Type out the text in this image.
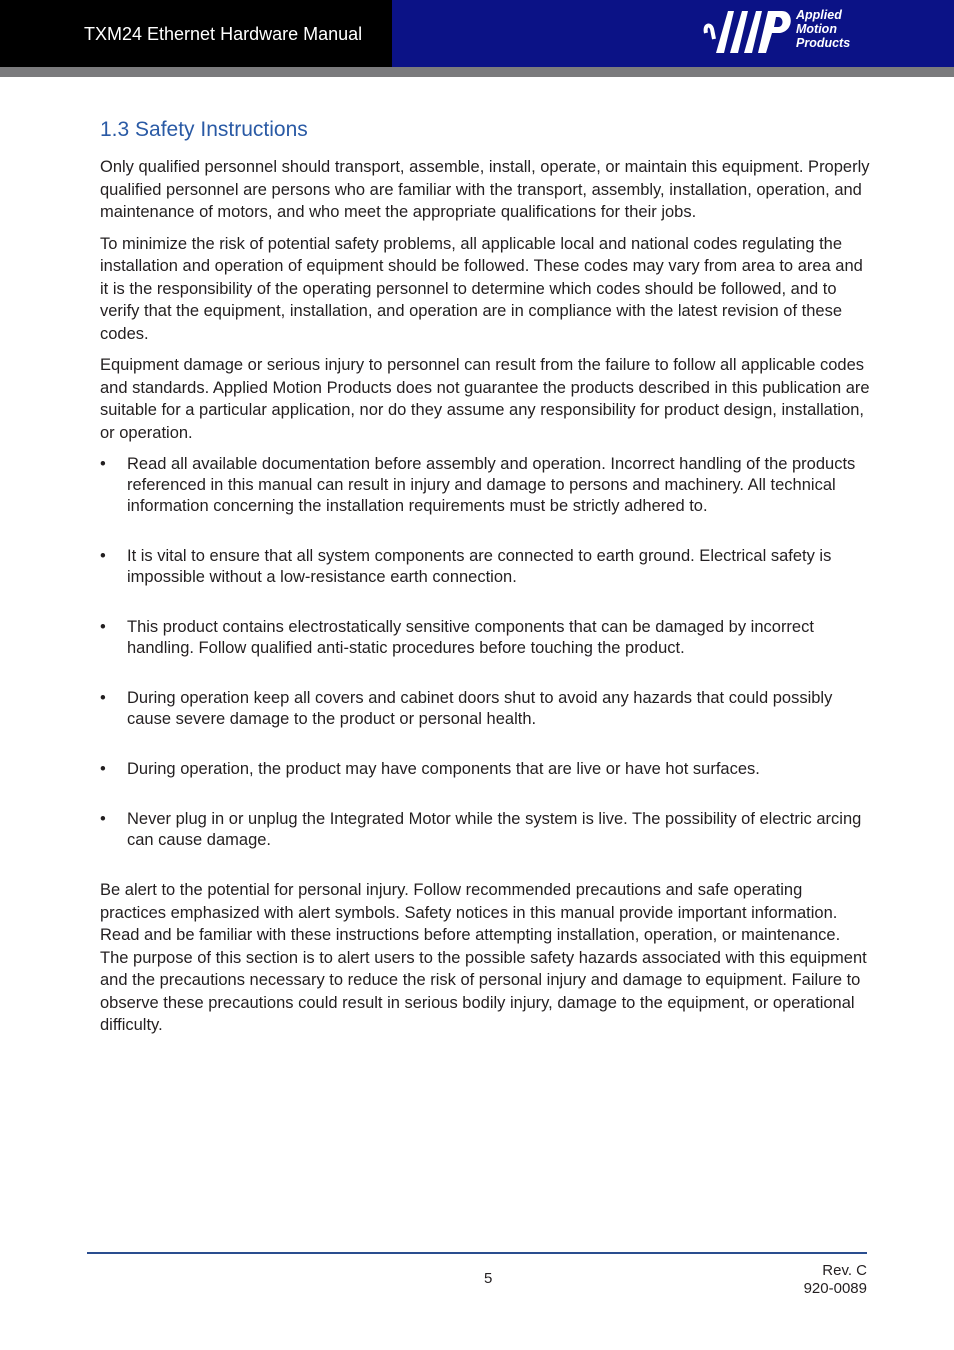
TXM24 Ethernet Hardware Manual
Applied
Motion
Products
1.3 Safety Instructions

Only qualified personnel should transport, assemble, install, operate, or maintain this equipment. Properly qualified personnel are persons who are familiar with the transport, assembly, installation, operation, and maintenance of motors, and who meet the appropriate qualifications for their jobs.

To minimize the risk of potential safety problems, all applicable local and national codes regulating the installation and operation of equipment should be followed. These codes may vary from area to area and it is the responsibility of the operating personnel to determine which codes should be followed, and to verify that the equipment, installation, and operation are in compliance with the latest revision of these codes.

Equipment damage or serious injury to personnel can result from the failure to follow all applicable codes and standards. Applied Motion Products does not guarantee the products described in this publication are suitable for a particular application, nor do they assume any responsibility for product design, installation, or operation.

• Read all available documentation before assembly and operation. Incorrect handling of the products referenced in this manual can result in injury and damage to persons and machinery. All technical information concerning the installation requirements must be strictly adhered to.
• It is vital to ensure that all system components are connected to earth ground. Electrical safety is impossible without a low-resistance earth connection.
• This product contains electrostatically sensitive components that can be damaged by incorrect handling. Follow qualified anti-static procedures before touching the product.
• During operation keep all covers and cabinet doors shut to avoid any hazards that could possibly cause severe damage to the product or personal health.
• During operation, the product may have components that are live or have hot surfaces.
• Never plug in or unplug the Integrated Motor while the system is live. The possibility of electric arcing can cause damage.

Be alert to the potential for personal injury. Follow recommended precautions and safe operating practices emphasized with alert symbols. Safety notices in this manual provide important information. Read and be familiar with these instructions before attempting installation, operation, or maintenance. The purpose of this section is to alert users to the possible safety hazards associated with this equipment and the precautions necessary to reduce the risk of personal injury and damage to equipment. Failure to observe these precautions could result in serious bodily injury, damage to the equipment, or operational difficulty.

5	Rev. C
920-0089
